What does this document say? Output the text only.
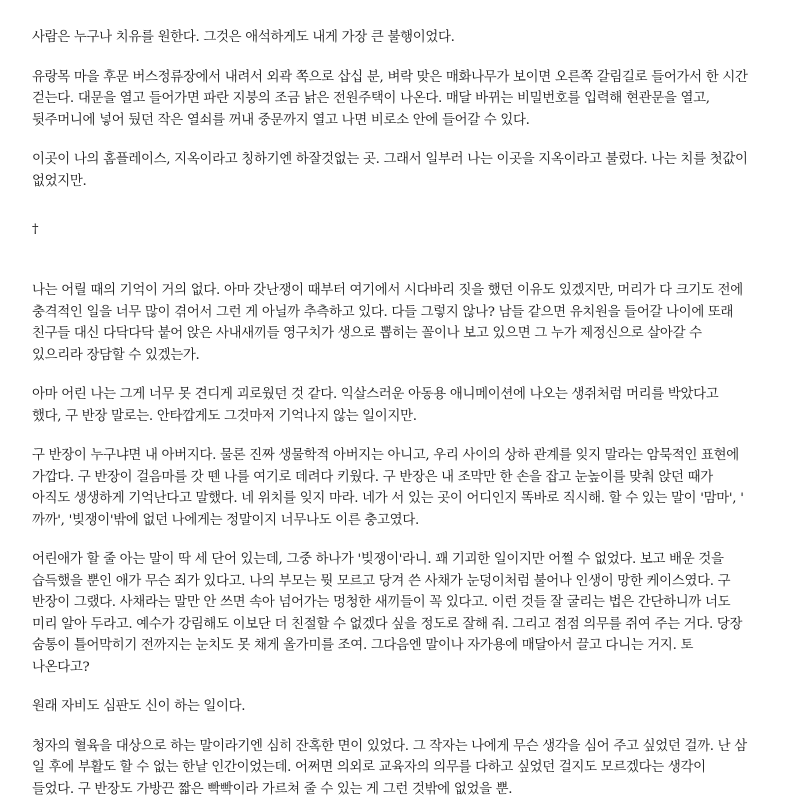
사람은 누구나 치유를 원한다. 그것은 애석하게도 내게 가장 큰 불행이었다.

유랑목 마을 후문 버스정류장에서 내려서 외곽 쪽으로 삽십 분, 벼락 맞은 매화나무가 보이면 오른쪽 갈림길로 들어가서 한 시간
걷는다. 대문을 열고 들어가면 파란 지붕의 조금 낡은 전원주택이 나온다. 매달 바뀌는 비밀번호를 입력해 현관문을 열고,
뒷주머니에 넣어 뒀던 작은 열쇠를 꺼내 중문까지 열고 나면 비로소 안에 들어갈 수 있다.

이곳이 나의 홈플레이스, 지옥이라고 칭하기엔 하잘것없는 곳. 그래서 일부러 나는 이곳을 지옥이라고 불렀다. 나는 치를 첫값이
없었지만.

†

나는 어릴 때의 기억이 거의 없다. 아마 갓난쟁이 때부터 여기에서 시다바리 짓을 했던 이유도 있겠지만, 머리가 다 크기도 전에
충격적인 일을 너무 많이 겪어서 그런 게 아닐까 추측하고 있다. 다들 그렇지 않나? 남들 같으면 유치원을 들어갈 나이에 또래
친구들 대신 다닥다닥 붙어 앉은 사내새끼들 영구치가 생으로 뽑히는 꼴이나 보고 있으면 그 누가 제정신으로 살아갈 수
있으리라 장담할 수 있겠는가.

아마 어린 나는 그게 너무 못 견디게 괴로웠던 것 같다. 익살스러운 아동용 애니메이션에 나오는 생쥐처럼 머리를 박았다고
했다, 구 반장 말로는. 안타깝게도 그것마저 기억나지 않는 일이지만.

구 반장이 누구냐면 내 아버지다. 물론 진짜 생물학적 아버지는 아니고, 우리 사이의 상하 관계를 잊지 말라는 암묵적인 표현에
가깝다. 구 반장이 걸음마를 갓 뗀 나를 여기로 데려다 키웠다. 구 반장은 내 조막만 한 손을 잡고 눈높이를 맞춰 앉던 때가
아직도 생생하게 기억난다고 말했다. 네 위치를 잊지 마라. 네가 서 있는 곳이 어디인지 똑바로 직시해. 할 수 있는 말이 '맘마', '
까까', '빚쟁이'밖에 없던 나에게는 정말이지 너무나도 이른 충고였다.

어린애가 할 줄 아는 말이 딱 세 단어 있는데, 그중 하나가 '빚쟁이'라니. 꽤 기괴한 일이지만 어쩔 수 없었다. 보고 배운 것을
습득했을 뿐인 애가 무슨 죄가 있다고. 나의 부모는 뭣 모르고 당겨 쓴 사채가 눈덩이처럼 불어나 인생이 망한 케이스였다. 구
반장이 그랬다. 사채라는 말만 안 쓰면 속아 넘어가는 멍청한 새끼들이 꼭 있다고. 이런 것들 잘 굴리는 법은 간단하니까 너도
미리 알아 두라고. 예수가 강림해도 이보단 더 친절할 수 없겠다 싶을 정도로 잘해 줘. 그리고 점점 의무를 쥐여 주는 거다. 당장
숨통이 틀어막히기 전까지는 눈치도 못 채게 올가미를 조여. 그다음엔 말이나 자가용에 매달아서 끌고 다니는 거지. 토
나온다고?

원래 자비도 심판도 신이 하는 일이다.

청자의 혈육을 대상으로 하는 말이라기엔 심히 잔혹한 면이 있었다. 그 작자는 나에게 무슨 생각을 심어 주고 싶었던 걸까. 난 삼
일 후에 부활도 할 수 없는 한낱 인간이었는데. 어쩌면 의외로 교육자의 의무를 다하고 싶었던 걸지도 모르겠다는 생각이
들었다. 구 반장도 가방끈 짧은 빡빡이라 가르쳐 줄 수 있는 게 그런 것밖에 없었을 뿐.
